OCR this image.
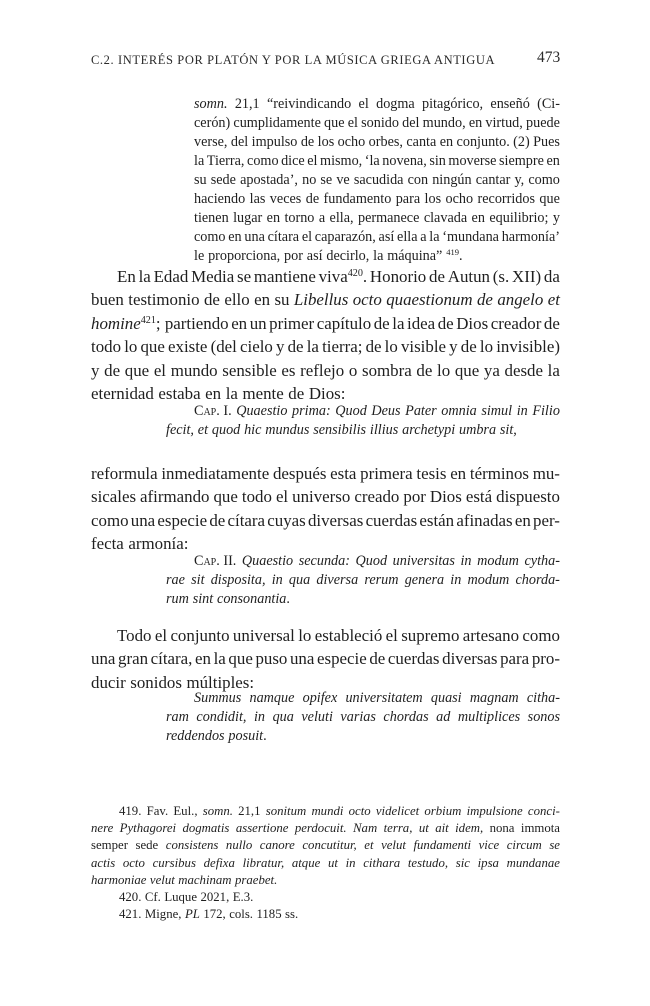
C.2. INTERÉS POR PLATÓN Y POR LA MÚSICA GRIEGA ANTIGUA	473
somn. 21,1 “reivindicando el dogma pitagórico, enseñó (Ci-
cerón) cumplidamente que el sonido del mundo, en virtud, puede
verse, del impulso de los ocho orbes, canta en conjunto. (2) Pues
la Tierra, como dice el mismo, ‘la novena, sin moverse siempre en
su sede apostada’, no se ve sacudida con ningún cantar y, como
haciendo las veces de fundamento para los ocho recorridos que
tienen lugar en torno a ella, permanece clavada en equilibrio; y
como en una cítara el caparazón, así ella a la ‘mundana harmonía’
le proporciona, por así decirlo, la máquina” $^{419}$.
En la Edad Media se mantiene viva$^{420}$. Honorio de Autun (s. XII) da
buen testimonio de ello en su Libellus octo quaestionum de angelo et
homine$^{421}$; partiendo en un primer capítulo de la idea de Dios creador de
todo lo que existe (del cielo y de la tierra; de lo visible y de lo invisible)
y de que el mundo sensible es reflejo o sombra de lo que ya desde la
eternidad estaba en la mente de Dios:
Cap. I. Quaestio prima: Quod Deus Pater omnia simul in Filio
fecit, et quod hic mundus sensibilis illius archetypi umbra sit,
reformula inmediatamente después esta primera tesis en términos mu-
sicales afirmando que todo el universo creado por Dios está dispuesto
como una especie de cítara cuyas diversas cuerdas están afinadas en per-
fecta armonía:
Cap. II. Quaestio secunda: Quod universitas in modum cytha-
rae sit disposita, in qua diversa rerum genera in modum chorda-
rum sint consonantia.
Todo el conjunto universal lo estableció el supremo artesano como
una gran cítara, en la que puso una especie de cuerdas diversas para pro-
ducir sonidos múltiples:
Summus namque opifex universitatem quasi magnam citha-
ram condidit, in qua veluti varias chordas ad multiplices sonos
reddendos posuit.
419. Fav. Eul., somn. 21,1 sonitum mundi octo videlicet orbium impulsione conci-
nere Pythagorei dogmatis assertione perdocuit. Nam terra, ut ait idem, nona immota
semper sede consistens nullo canore concutitur, et velut fundamenti vice circum se
actis octo cursibus defixa libratur, atque ut in cithara testudo, sic ipsa mundanae
harmoniae velut machinam praebet.
420. Cf. Luque 2021, E.3.
421. Migne, PL 172, cols. 1185 ss.
